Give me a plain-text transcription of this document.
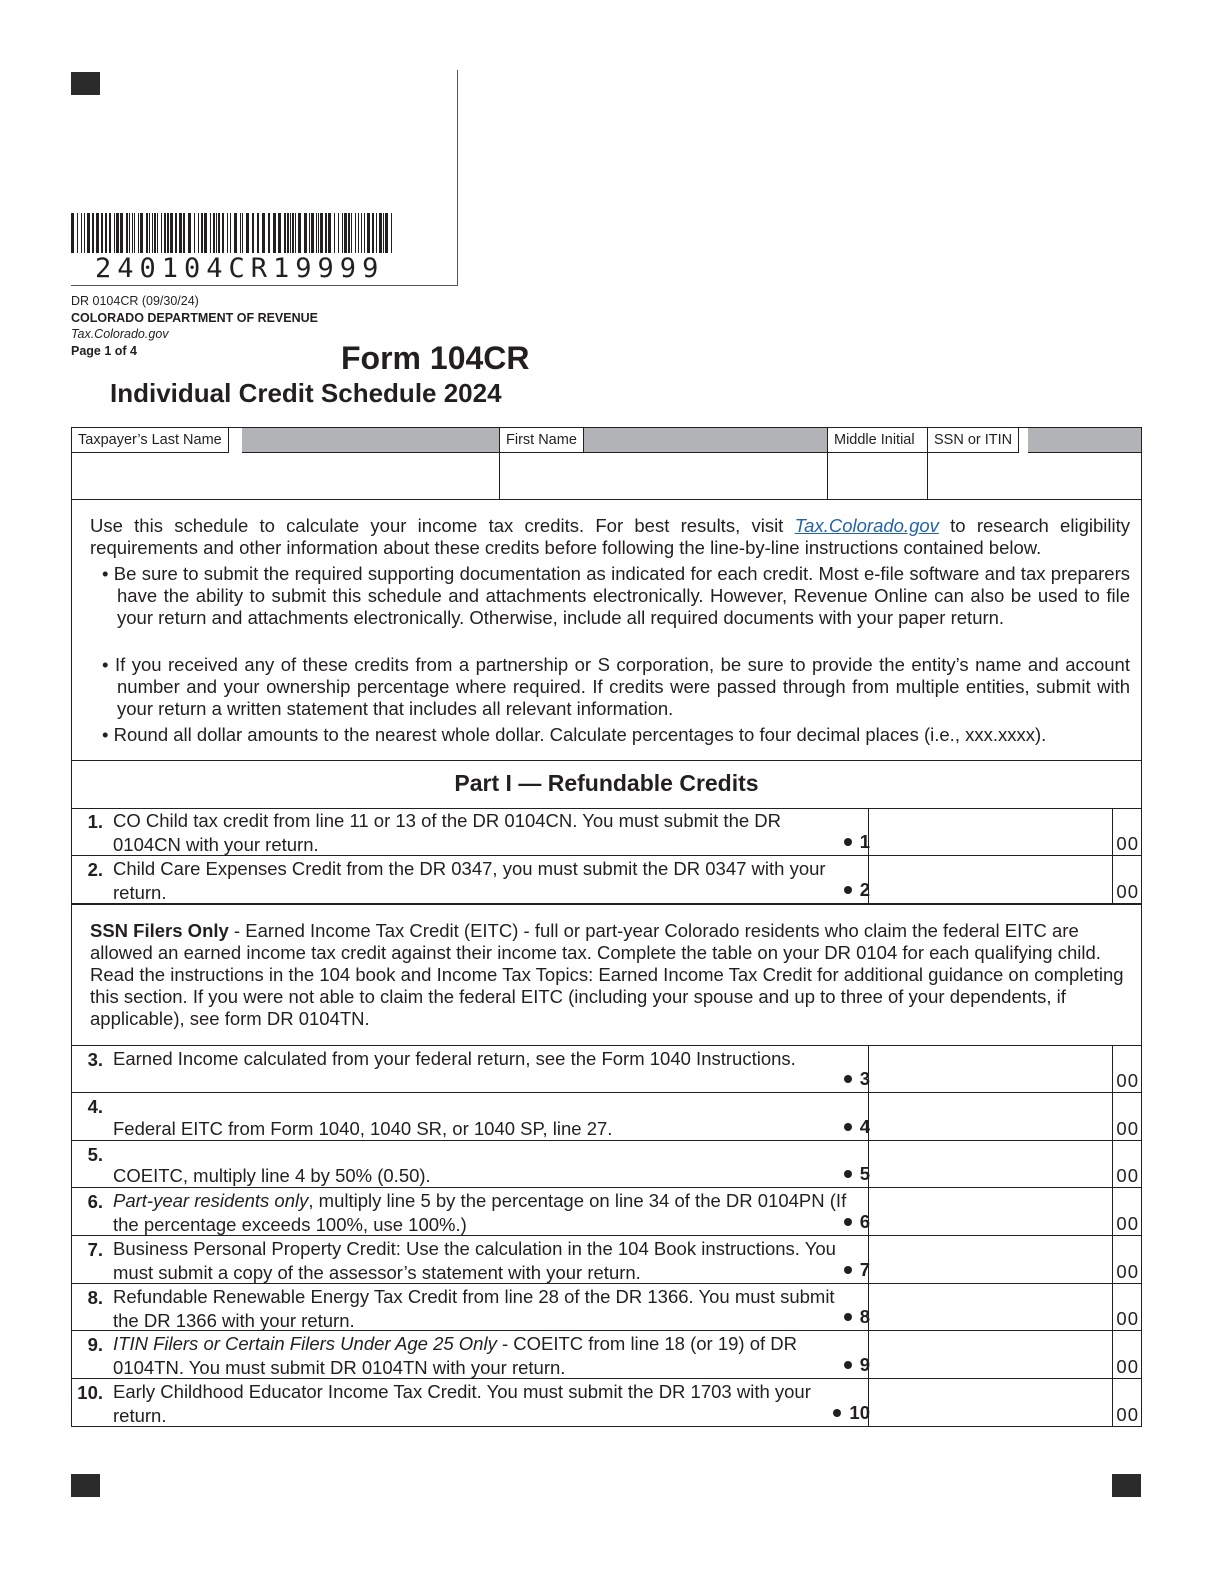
240104CR19999
DR 0104CR (09/30/24)
COLORADO DEPARTMENT OF REVENUE
Tax.Colorado.gov
Page 1 of 4	Form 104CR
Individual Credit Schedule 2024
Taxpayer’s Last Name	First Name	Middle Initial	SSN or ITIN
Use this schedule to calculate your income tax credits. For best results, visit Tax.Colorado.gov to research eligibility requirements and other information about these credits before following the line-by-line instructions contained below.
• Be sure to submit the required supporting documentation as indicated for each credit. Most e-file software and tax preparers have the ability to submit this schedule and attachments electronically. However, Revenue Online can also be used to file your return and attachments electronically. Otherwise, include all required documents with your paper return.
• If you received any of these credits from a partnership or S corporation, be sure to provide the entity’s name and account number and your ownership percentage where required. If credits were passed through from multiple entities, submit with your return a written statement that includes all relevant information.
• Round all dollar amounts to the nearest whole dollar. Calculate percentages to four decimal places (i.e., xxx.xxxx).
Part I — Refundable Credits
SSN Filers Only - Earned Income Tax Credit (EITC) - full or part-year Colorado residents who claim the federal EITC are allowed an earned income tax credit against their income tax. Complete the table on your DR 0104 for each qualifying child. Read the instructions in the 104 book and Income Tax Topics: Earned Income Tax Credit for additional guidance on completing this section. If you were not able to claim the federal EITC (including your spouse and up to three of your dependents, if applicable), see form DR 0104TN.
1. CO Child tax credit from line 11 or 13 of the DR 0104CN. You must submit the DR 0104CN with your return.	1	00
2. Child Care Expenses Credit from the DR 0347, you must submit the DR 0347 with your return.	2	00
3. Earned Income calculated from your federal return, see the Form 1040 Instructions.
3	00
4.
Federal EITC from Form 1040, 1040 SR, or 1040 SP, line 27.	4	00
5.
COEITC, multiply line 4 by 50% (0.50).	5	00
6. Part-year residents only, multiply line 5 by the percentage on line 34 of the DR 0104PN (If the percentage exceeds 100%, use 100%.)	6	00
7. Business Personal Property Credit: Use the calculation in the 104 Book instructions. You must submit a copy of the assessor’s statement with your return.	7	00
8. Refundable Renewable Energy Tax Credit from line 28 of the DR 1366. You must submit the DR 1366 with your return.	8	00
9. ITIN Filers or Certain Filers Under Age 25 Only - COEITC from line 18 (or 19) of DR 0104TN. You must submit DR 0104TN with your return.	9	00
10. Early Childhood Educator Income Tax Credit. You must submit the DR 1703 with your return.	10	00
